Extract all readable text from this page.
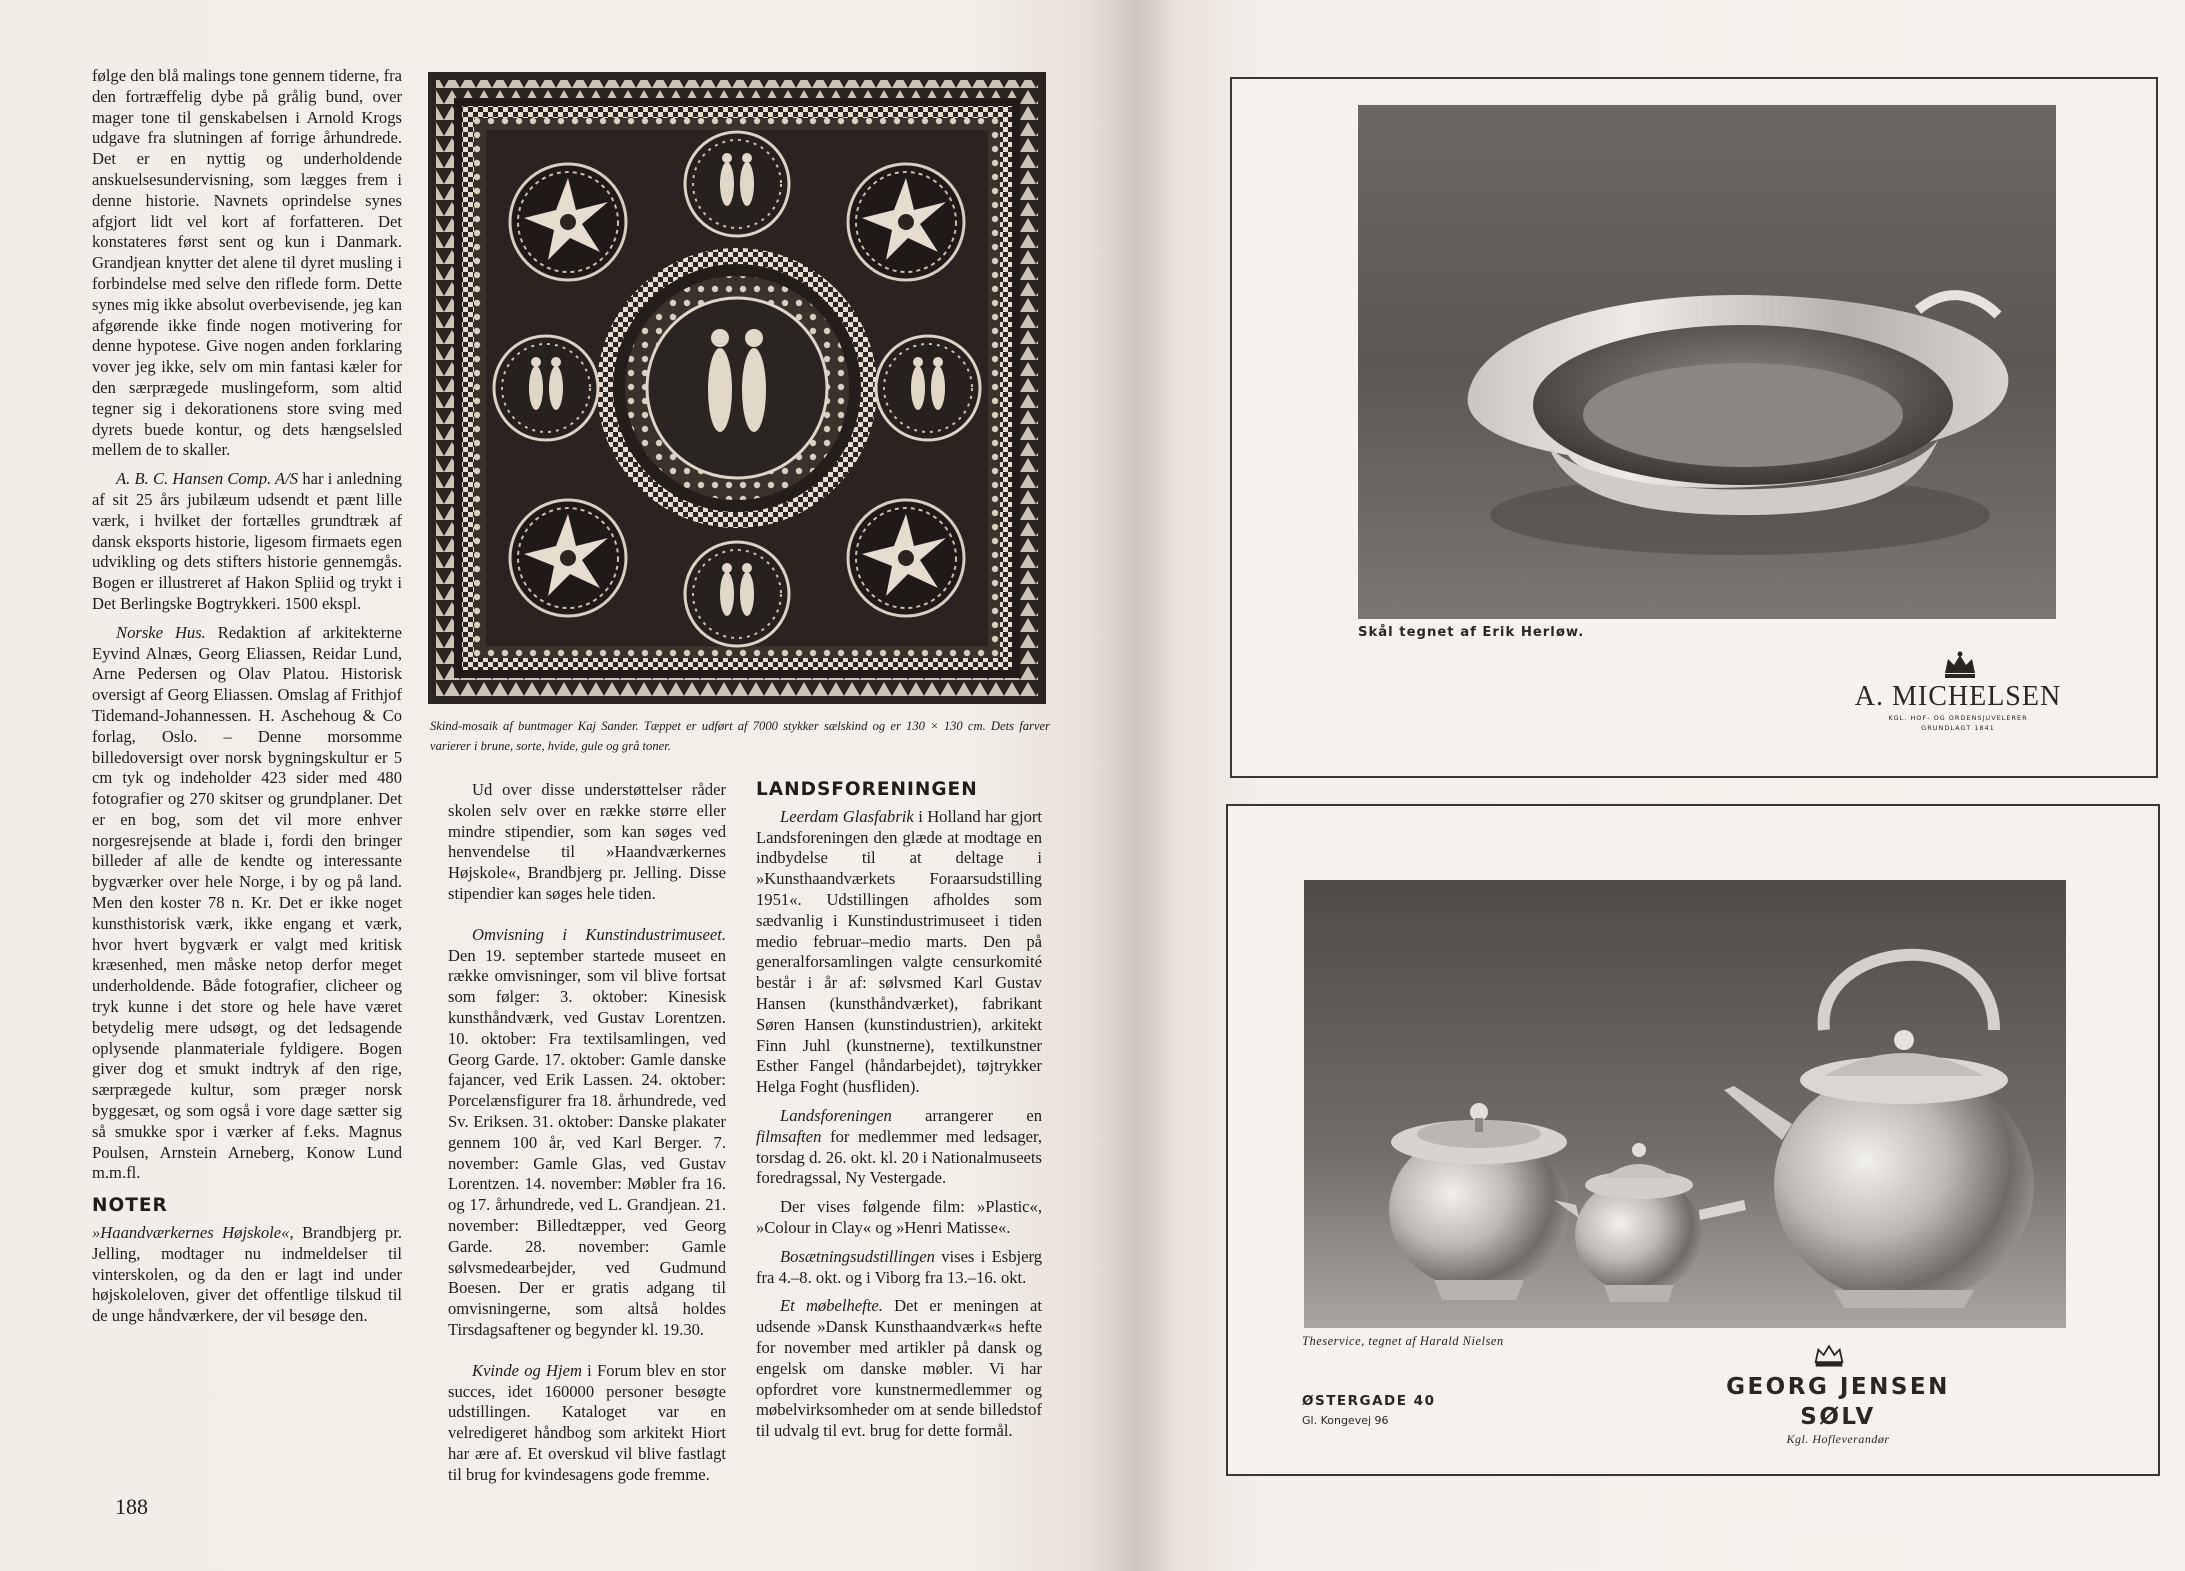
følge den blå malings tone gennem tiderne, fra den fortræffelig dybe på grålig bund, over mager tone til genskabelsen i Arnold Krogs udgave fra slutningen af forrige århundrede. Det er en nyttig og underholdende anskuelsesundervisning, som lægges frem i denne historie. Navnets oprindelse synes afgjort lidt vel kort af forfatteren. Det konstateres først sent og kun i Danmark. Grandjean knytter det alene til dyret musling i forbindelse med selve den riflede form. Dette synes mig ikke absolut overbevisende, jeg kan afgørende ikke finde nogen motivering for denne hypotese. Give nogen anden forklaring vover jeg ikke, selv om min fantasi kæler for den særprægede muslingeform, som altid tegner sig i dekorationens store sving med dyrets buede kontur, og dets hængselsled mellem de to skaller.

A. B. C. Hansen Comp. A/S har i anledning af sit 25 års jubilæum udsendt et pænt lille værk, i hvilket der fortælles grundtræk af dansk eksports historie, ligesom firmaets egen udvikling og dets stifters historie gennemgås. Bogen er illustreret af Hakon Spliid og trykt i Det Berlingske Bogtrykkeri. 1500 ekspl.

Norske Hus. Redaktion af arkitekterne Eyvind Alnæs, Georg Eliassen, Reidar Lund, Arne Pedersen og Olav Platou. Historisk oversigt af Georg Eliassen. Omslag af Frithjof Tidemand-Johannessen. H. Aschehoug & Co forlag, Oslo. – Denne morsomme billedoversigt over norsk bygningskultur er 5 cm tyk og indeholder 423 sider med 480 fotografier og 270 skitser og grundplaner. Det er en bog, som det vil more enhver norgesrejsende at blade i, fordi den bringer billeder af alle de kendte og interessante bygværker over hele Norge, i by og på land. Men den koster 78 n. Kr. Det er ikke noget kunsthistorisk værk, ikke engang et værk, hvor hvert bygværk er valgt med kritisk kræsenhed, men måske netop derfor meget underholdende. Både fotografier, clicheer og tryk kunne i det store og hele have været betydelig mere udsøgt, og det ledsagende oplysende planmateriale fyldigere. Bogen giver dog et smukt indtryk af den rige, særprægede kultur, som præger norsk byggesæt, og som også i vore dage sætter sig så smukke spor i værker af f.eks. Magnus Poulsen, Arnstein Arneberg, Konow Lund m.m.fl.

NOTER

»Haandværkernes Højskole«, Brandbjerg pr. Jelling, modtager nu indmeldelser til vinterskolen, og da den er lagt ind under højskoleloven, giver det offentlige tilskud til de unge håndværkere, der vil besøge den.

Skind-mosaik af buntmager Kaj Sander. Tæppet er udført af 7000 stykker sælskind og er 130 × 130 cm. Dets farver varierer i brune, sorte, hvide, gule og grå toner.

Ud over disse understøttelser råder skolen selv over en række større eller mindre stipendier, som kan søges ved henvendelse til »Haandværkernes Højskole«, Brandbjerg pr. Jelling. Disse stipendier kan søges hele tiden.

Omvisning i Kunstindustrimuseet. Den 19. september startede museet en række omvisninger, som vil blive fortsat som følger: 3. oktober: Kinesisk kunsthåndværk, ved Gustav Lorentzen. 10. oktober: Fra textilsamlingen, ved Georg Garde. 17. oktober: Gamle danske fajancer, ved Erik Lassen. 24. oktober: Porcelænsfigurer fra 18. århundrede, ved Sv. Eriksen. 31. oktober: Danske plakater gennem 100 år, ved Karl Berger. 7. november: Gamle Glas, ved Gustav Lorentzen. 14. november: Møbler fra 16. og 17. århundrede, ved L. Grandjean. 21. november: Billedtæpper, ved Georg Garde. 28. november: Gamle sølvsmedearbejder, ved Gudmund Boesen. Der er gratis adgang til omvisningerne, som altså holdes Tirsdagsaftener og begynder kl. 19.30.

Kvinde og Hjem i Forum blev en stor succes, idet 160000 personer besøgte udstillingen. Kataloget var en velredigeret håndbog som arkitekt Hiort har ære af. Et overskud vil blive fastlagt til brug for kvindesagens gode fremme.

LANDSFORENINGEN

Leerdam Glasfabrik i Holland har gjort Landsforeningen den glæde at modtage en indbydelse til at deltage i »Kunsthaandværkets Foraarsudstilling 1951«. Udstillingen afholdes som sædvanlig i Kunstindustrimuseet i tiden medio februar–medio marts. Den på generalforsamlingen valgte censurkomité består i år af: sølvsmed Karl Gustav Hansen (kunsthåndværket), fabrikant Søren Hansen (kunstindustrien), arkitekt Finn Juhl (kunstnerne), textilkunstner Esther Fangel (håndarbejdet), tøjtrykker Helga Foght (husfliden).

Landsforeningen arrangerer en filmsaften for medlemmer med ledsager, torsdag d. 26. okt. kl. 20 i Nationalmuseets foredragssal, Ny Vestergade.

Der vises følgende film: »Plastic«, »Colour in Clay« og »Henri Matisse«.

Bosætningsudstillingen vises i Esbjerg fra 4.–8. okt. og i Viborg fra 13.–16. okt.

Et møbelhefte. Det er meningen at udsende »Dansk Kunsthaandværk«s hefte for november med artikler på dansk og engelsk om danske møbler. Vi har opfordret vore kunstnermedlemmer og møbelvirksomheder om at sende billedstof til udvalg til evt. brug for dette formål.

188
Skål tegnet af Erik Herløw.
A. MICHELSEN
KGL. HOF- OG ORDENSJUVELERER
GRUNDLAGT 1841
Theservice, tegnet af Harald Nielsen
ØSTERGADE 40
Gl. Kongevej 96
GEORG JENSEN
SØLV
Kgl. Hofleverandør
